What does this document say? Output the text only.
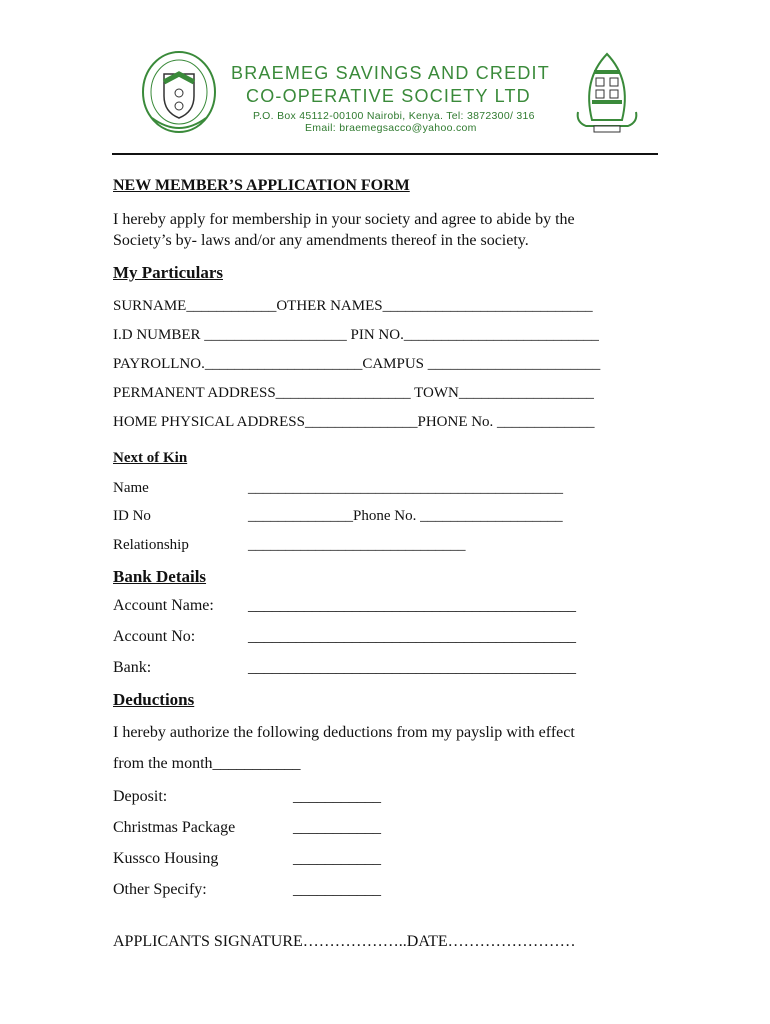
BRAEMEG SAVINGS AND CREDIT
CO-OPERATIVE SOCIETY LTD
P.O. Box 45112-00100 Nairobi, Kenya. Tel: 3872300/ 316
Email: braemegsacco@yahoo.com
NEW MEMBER’S APPLICATION FORM
I hereby apply for membership in your society and agree to abide by the
Society’s by- laws and/or any amendments thereof in the society.
My Particulars
SURNAME____________OTHER NAMES____________________________
I.D NUMBER ___________________ PIN NO.__________________________
PAYROLLNO._____________________CAMPUS _______________________
PERMANENT ADDRESS__________________ TOWN__________________
HOME PHYSICAL ADDRESS_______________PHONE No. _____________
Next of Kin
Name	__________________________________________
ID No	______________Phone No. ___________________
Relationship	_____________________________
Bank Details
Account Name: _________________________________________
Account No:	_________________________________________
Bank:	_________________________________________
Deductions
I hereby authorize the following deductions from my payslip with effect
from the month___________
Deposit:	___________
Christmas Package	___________
Kussco Housing	___________
Other Specify:	___________
APPLICANTS SIGNATURE………………..DATE……………………
